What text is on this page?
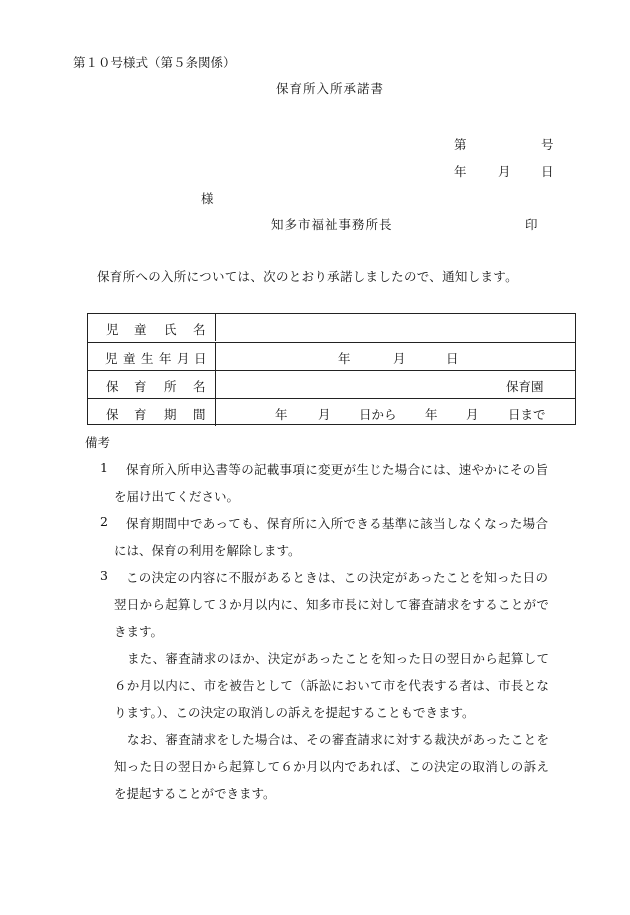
第１０号様式（第５条関係）
保育所入所承諾書
第	号
年	月 日
様
知多市福祉事務所長	印
保育所への入所については、次のとおり承諾しましたので、通知します。
児 童 氏 名
児 童 生 年 月 日	年	月	日
保 育 所 名	保育園
保 育 期 間	年 月 日から 年 月 日まで
備考
1 保育所入所申込書等の記載事項に変更が生じた場合には、速やかにその旨
を届け出てください。
2 保育期間中であっても、保育所に入所できる基準に該当しなくなった場合
には、保育の利用を解除します。
3 この決定の内容に不服があるときは、この決定があったことを知った日の
翌日から起算して３か月以内に、知多市長に対して審査請求をすることがで
きます。
また、審査請求のほか、決定があったことを知った日の翌日から起算して
６か月以内に、市を被告として（訴訟において市を代表する者は、市長とな
ります。）、この決定の取消しの訴えを提起することもできます。
なお、審査請求をした場合は、その審査請求に対する裁決があったことを
知った日の翌日から起算して６か月以内であれば、この決定の取消しの訴え
を提起することができます。
